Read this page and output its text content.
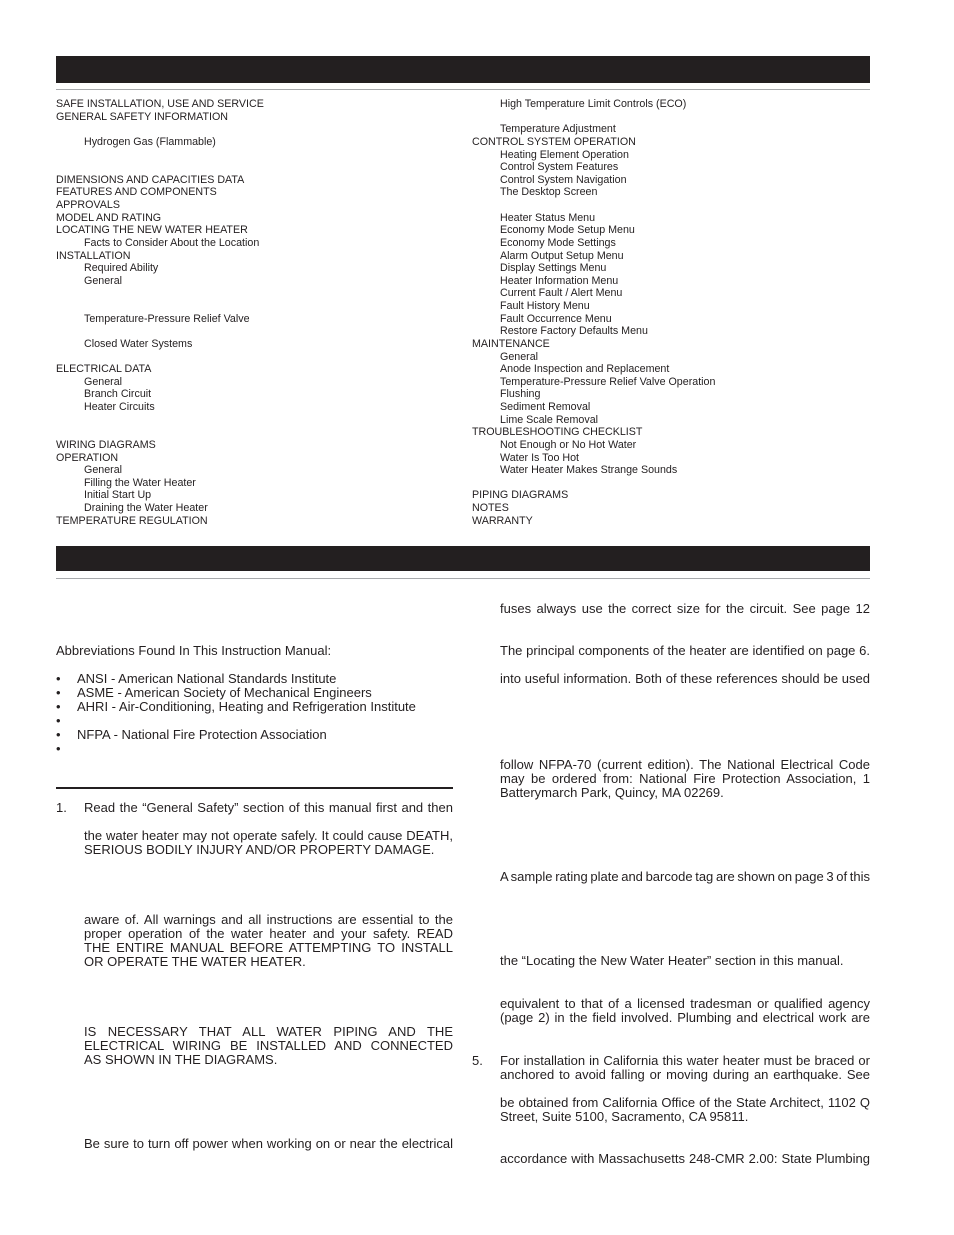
SAFE INSTALLATION, USE AND SERVICE
GENERAL SAFETY INFORMATION
Hydrogen Gas (Flammable)
DIMENSIONS AND CAPACITIES DATA
FEATURES AND COMPONENTS
APPROVALS
MODEL AND RATING
LOCATING THE NEW WATER HEATER
Facts to Consider About the Location
INSTALLATION
Required Ability
General
Temperature-Pressure Relief Valve
Closed Water Systems
ELECTRICAL DATA
General
Branch Circuit
Heater Circuits
WIRING DIAGRAMS
OPERATION
General
Filling the Water Heater
Initial Start Up
Draining the Water Heater
TEMPERATURE REGULATION
High Temperature Limit Controls (ECO)
Temperature Adjustment
CONTROL SYSTEM OPERATION
Heating Element Operation
Control System Features
Control System Navigation
The Desktop Screen
Heater Status Menu
Economy Mode Setup Menu
Economy Mode Settings
Alarm Output Setup Menu
Display Settings Menu
Heater Information Menu
Current Fault / Alert Menu
Fault History Menu
Fault Occurrence Menu
Restore Factory Defaults Menu
MAINTENANCE
General
Anode Inspection and Replacement
Temperature-Pressure Relief Valve Operation
Flushing
Sediment Removal
Lime Scale Removal
TROUBLESHOOTING CHECKLIST
Not Enough or No Hot Water
Water Is Too Hot
Water Heater Makes Strange Sounds
PIPING DIAGRAMS
NOTES
WARRANTY
Abbreviations Found In This Instruction Manual:
•	ANSI - American National Standards Institute
•	ASME - American Society of Mechanical Engineers
•	AHRI - Air-Conditioning, Heating and Refrigeration Institute
•
•	NFPA - National Fire Protection Association
•
1.	Read the “General Safety” section of this manual first and then
the water heater may not operate safely. It could cause DEATH,
SERIOUS BODILY INJURY AND/OR PROPERTY DAMAGE.
aware of. All warnings and all instructions are essential to the
proper operation of the water heater and your safety. READ
THE ENTIRE MANUAL BEFORE ATTEMPTING TO INSTALL
OR OPERATE THE WATER HEATER.
IS NECESSARY THAT ALL WATER PIPING AND THE
ELECTRICAL WIRING BE INSTALLED AND CONNECTED
AS SHOWN IN THE DIAGRAMS.
Be sure to turn off power when working on or near the electrical
fuses always use the correct size for the circuit. See page 12
The principal components of the heater are identified on page 6.
into useful information. Both of these references should be used
follow NFPA-70 (current edition). The National Electrical Code
may be ordered from: National Fire Protection Association, 1
Batterymarch Park, Quincy, MA 02269.
A sample rating plate and barcode tag are shown on page 3 of this
the “Locating the New Water Heater” section in this manual.
equivalent to that of a licensed tradesman or qualified agency
(page 2) in the field involved. Plumbing and electrical work are
5.	For installation in California this water heater must be braced or
anchored to avoid falling or moving during an earthquake. See
be obtained from California Office of the State Architect, 1102 Q
Street, Suite 5100, Sacramento, CA 95811.
accordance with Massachusetts 248-CMR 2.00: State Plumbing
